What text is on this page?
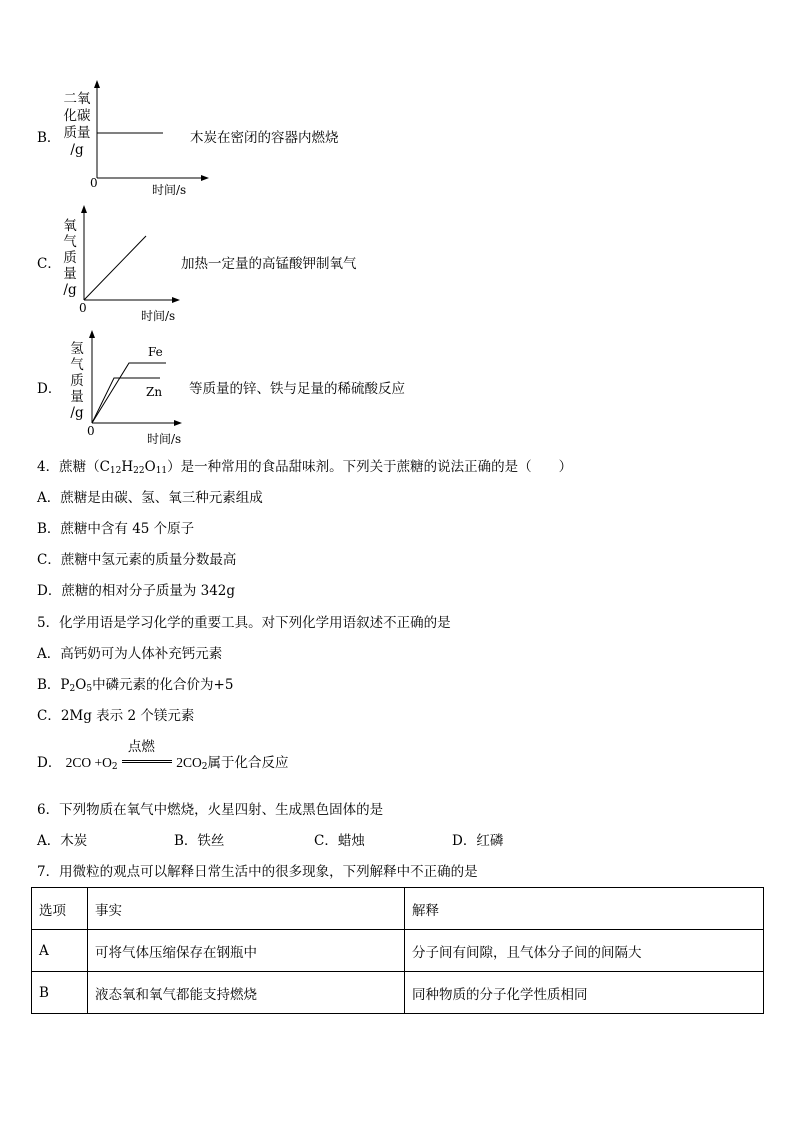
B．
二氧
化碳
质量
/g
0	时间/s
木炭在密闭的容器内燃烧
C．
氧
气
质
量
/g
0
时间/s
加热一定量的高锰酸钾制氧气
D．
氢
气
质
量
/g
Fe
Zn
0
时间/s
等质量的锌、铁与足量的稀硫酸反应
4．蔗糖$(C_{12}H_{22}O_{11})$是一种常用的食品甜味剂。下列关于蔗糖的说法正确的是（　　）
A．蔗糖是由碳、氢、氧三种元素组成
B．蔗糖中含有 45 个原子
C．蔗糖中氢元素的质量分数最高
D．蔗糖的相对分子质量为 342g
5．化学用语是学习化学的重要工具。对下列化学用语叙述不正确的是
A．高钙奶可为人体补充钙元素
B．$P_2O_5$中磷元素的化合价为+5
C．2Mg 表示 2 个镁元素
D． $2CO +O_2$
点燃
$2CO_2$属于化合反应
6．下列物质在氧气中燃烧，火星四射、生成黑色固体的是
A．木炭	B．铁丝	C．蜡烛	D．红磷
7．用微粒的观点可以解释日常生活中的很多现象，下列解释中不正确的是
选项	事实	解释
A	可将气体压缩保存在钢瓶中	分子间有间隙，且气体分子间的间隔大
B	液态氧和氧气都能支持燃烧	同种物质的分子化学性质相同
